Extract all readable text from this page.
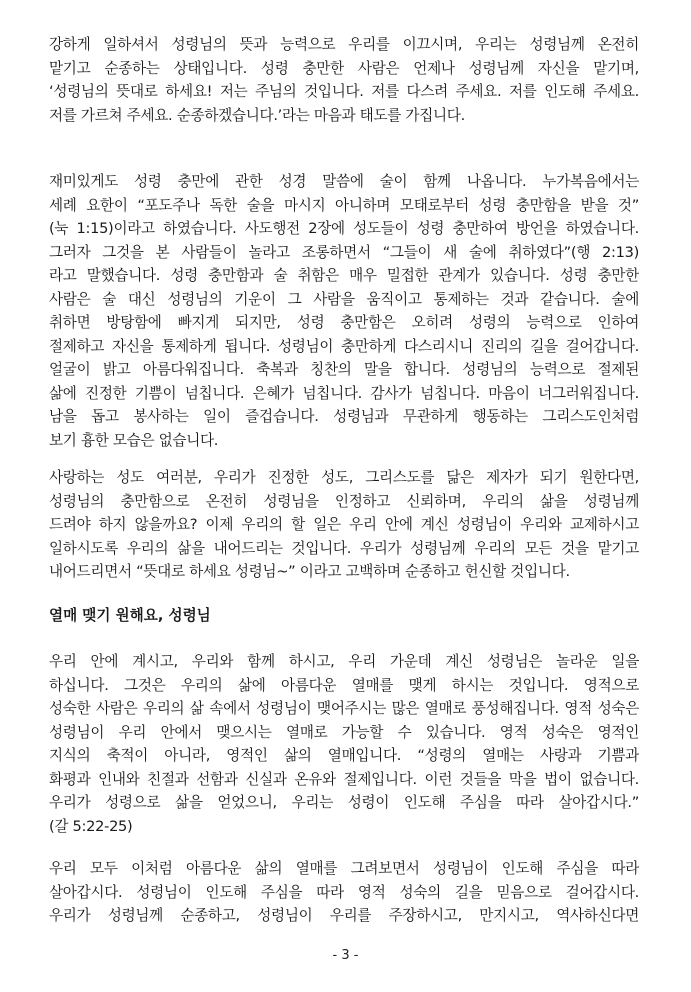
강하게 일하셔서 성령님의 뜻과 능력으로 우리를 이끄시며, 우리는 성령님께 온전히
맡기고 순종하는 상태입니다. 성령 충만한 사람은 언제나 성령님께 자신을 맡기며,
‘성령님의 뜻대로 하세요! 저는 주님의 것입니다. 저를 다스려 주세요. 저를 인도해 주세요.
저를 가르쳐 주세요. 순종하겠습니다.’라는 마음과 태도를 가집니다.
재미있게도 성령 충만에 관한 성경 말씀에 술이 함께 나옵니다. 누가복음에서는
세례 요한이 “포도주나 독한 술을 마시지 아니하며 모태로부터 성령 충만함을 받을 것”
(눅 1:15)이라고 하였습니다. 사도행전 2장에 성도들이 성령 충만하여 방언을 하였습니다.
그러자 그것을 본 사람들이 놀라고 조롱하면서 “그들이 새 술에 취하였다”(행 2:13)
라고 말했습니다. 성령 충만함과 술 취함은 매우 밀접한 관계가 있습니다. 성령 충만한
사람은 술 대신 성령님의 기운이 그 사람을 움직이고 통제하는 것과 같습니다. 술에
취하면 방탕함에 빠지게 되지만, 성령 충만함은 오히려 성령의 능력으로 인하여
절제하고 자신을 통제하게 됩니다. 성령님이 충만하게 다스리시니 진리의 길을 걸어갑니다.
얼굴이 밝고 아름다워집니다. 축복과 칭찬의 말을 합니다. 성령님의 능력으로 절제된
삶에 진정한 기쁨이 넘칩니다. 은혜가 넘칩니다. 감사가 넘칩니다. 마음이 너그러워집니다.
남을 돕고 봉사하는 일이 즐겁습니다. 성령님과 무관하게 행동하는 그리스도인처럼
보기 흉한 모습은 없습니다.
사랑하는 성도 여러분, 우리가 진정한 성도, 그리스도를 닮은 제자가 되기 원한다면,
성령님의 충만함으로 온전히 성령님을 인정하고 신뢰하며, 우리의 삶을 성령님께
드려야 하지 않을까요? 이제 우리의 할 일은 우리 안에 계신 성령님이 우리와 교제하시고
일하시도록 우리의 삶을 내어드리는 것입니다. 우리가 성령님께 우리의 모든 것을 맡기고
내어드리면서 “뜻대로 하세요 성령님~” 이라고 고백하며 순종하고 헌신할 것입니다.
열매 맺기 원해요, 성령님
우리 안에 계시고, 우리와 함께 하시고, 우리 가운데 계신 성령님은 놀라운 일을
하십니다. 그것은 우리의 삶에 아름다운 열매를 맺게 하시는 것입니다. 영적으로
성숙한 사람은 우리의 삶 속에서 성령님이 맺어주시는 많은 열매로 풍성해집니다. 영적 성숙은
성령님이 우리 안에서 맺으시는 열매로 가능할 수 있습니다. 영적 성숙은 영적인
지식의 축적이 아니라, 영적인 삶의 열매입니다. “성령의 열매는 사랑과 기쁨과
화평과 인내와 친절과 선함과 신실과 온유와 절제입니다. 이런 것들을 막을 법이 없습니다.
우리가 성령으로 삶을 얻었으니, 우리는 성령이 인도해 주심을 따라 살아갑시다.”
(갈 5:22-25)
우리 모두 이처럼 아름다운 삶의 열매를 그려보면서 성령님이 인도해 주심을 따라
살아갑시다. 성령님이 인도해 주심을 따라 영적 성숙의 길을 믿음으로 걸어갑시다.
우리가 성령님께 순종하고, 성령님이 우리를 주장하시고, 만지시고, 역사하신다면
- 3 -
